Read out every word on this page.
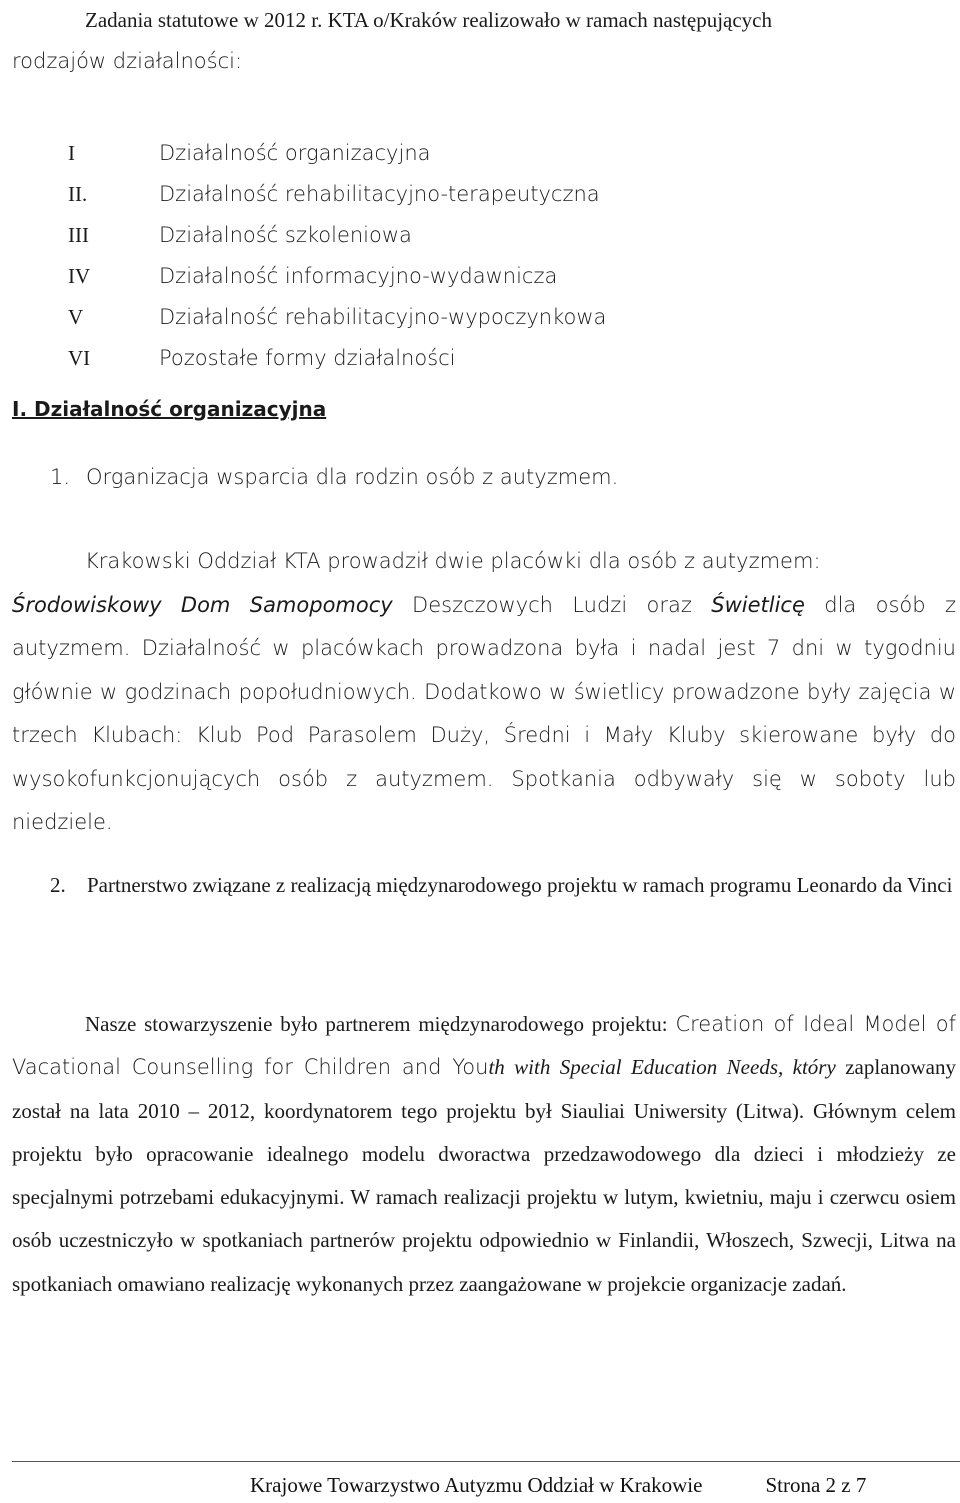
Zadania statutowe w 2012 r. KTA o/Kraków realizowało w ramach następujących
rodzajów działalności:
I	Działalność organizacyjna
II.	Działalność rehabilitacyjno-terapeutyczna
III	Działalność szkoleniowa
IV	Działalność informacyjno-wydawnicza
V	Działalność rehabilitacyjno-wypoczynkowa
VI	Pozostałe formy działalności
I. Działalność organizacyjna
1. Organizacja wsparcia dla rodzin osób z autyzmem.
Krakowski Oddział KTA prowadził dwie placówki dla osób z autyzmem:
Środowiskowy Dom Samopomocy Deszczowych Ludzi oraz Świetlicę dla osób z autyzmem. Działalność w placówkach prowadzona była i nadal jest 7 dni w tygodniu głównie w godzinach popołudniowych. Dodatkowo w świetlicy prowadzone były zajęcia w trzech Klubach: Klub Pod Parasolem Duży, Średni i Mały Kluby skierowane były do wysokofunkcjonujących osób z autyzmem. Spotkania odbywały się w soboty lub niedziele.
2. Partnerstwo związane z realizacją międzynarodowego projektu w ramach programu Leonardo da Vinci
Nasze stowarzyszenie było partnerem międzynarodowego projektu: Creation of Ideal Model of Vacational Counselling for Children and Youth with Special Education Needs, który zaplanowany został na lata 2010 – 2012, koordynatorem tego projektu był Siauliai Uniwersity (Litwa). Głównym celem projektu było opracowanie idealnego modelu dworactwa przedzawodowego dla dzieci i młodzieży ze specjalnymi potrzebami edukacyjnymi. W ramach realizacji projektu w lutym, kwietniu, maju i czerwcu osiem osób uczestniczyło w spotkaniach partnerów projektu odpowiednio w Finlandii, Włoszech, Szwecji, Litwa na spotkaniach omawiano realizację wykonanych przez zaangażowane w projekcie organizacje zadań.
Krajowe Towarzystwo Autyzmu Oddział w Krakowie	Strona 2 z 7
